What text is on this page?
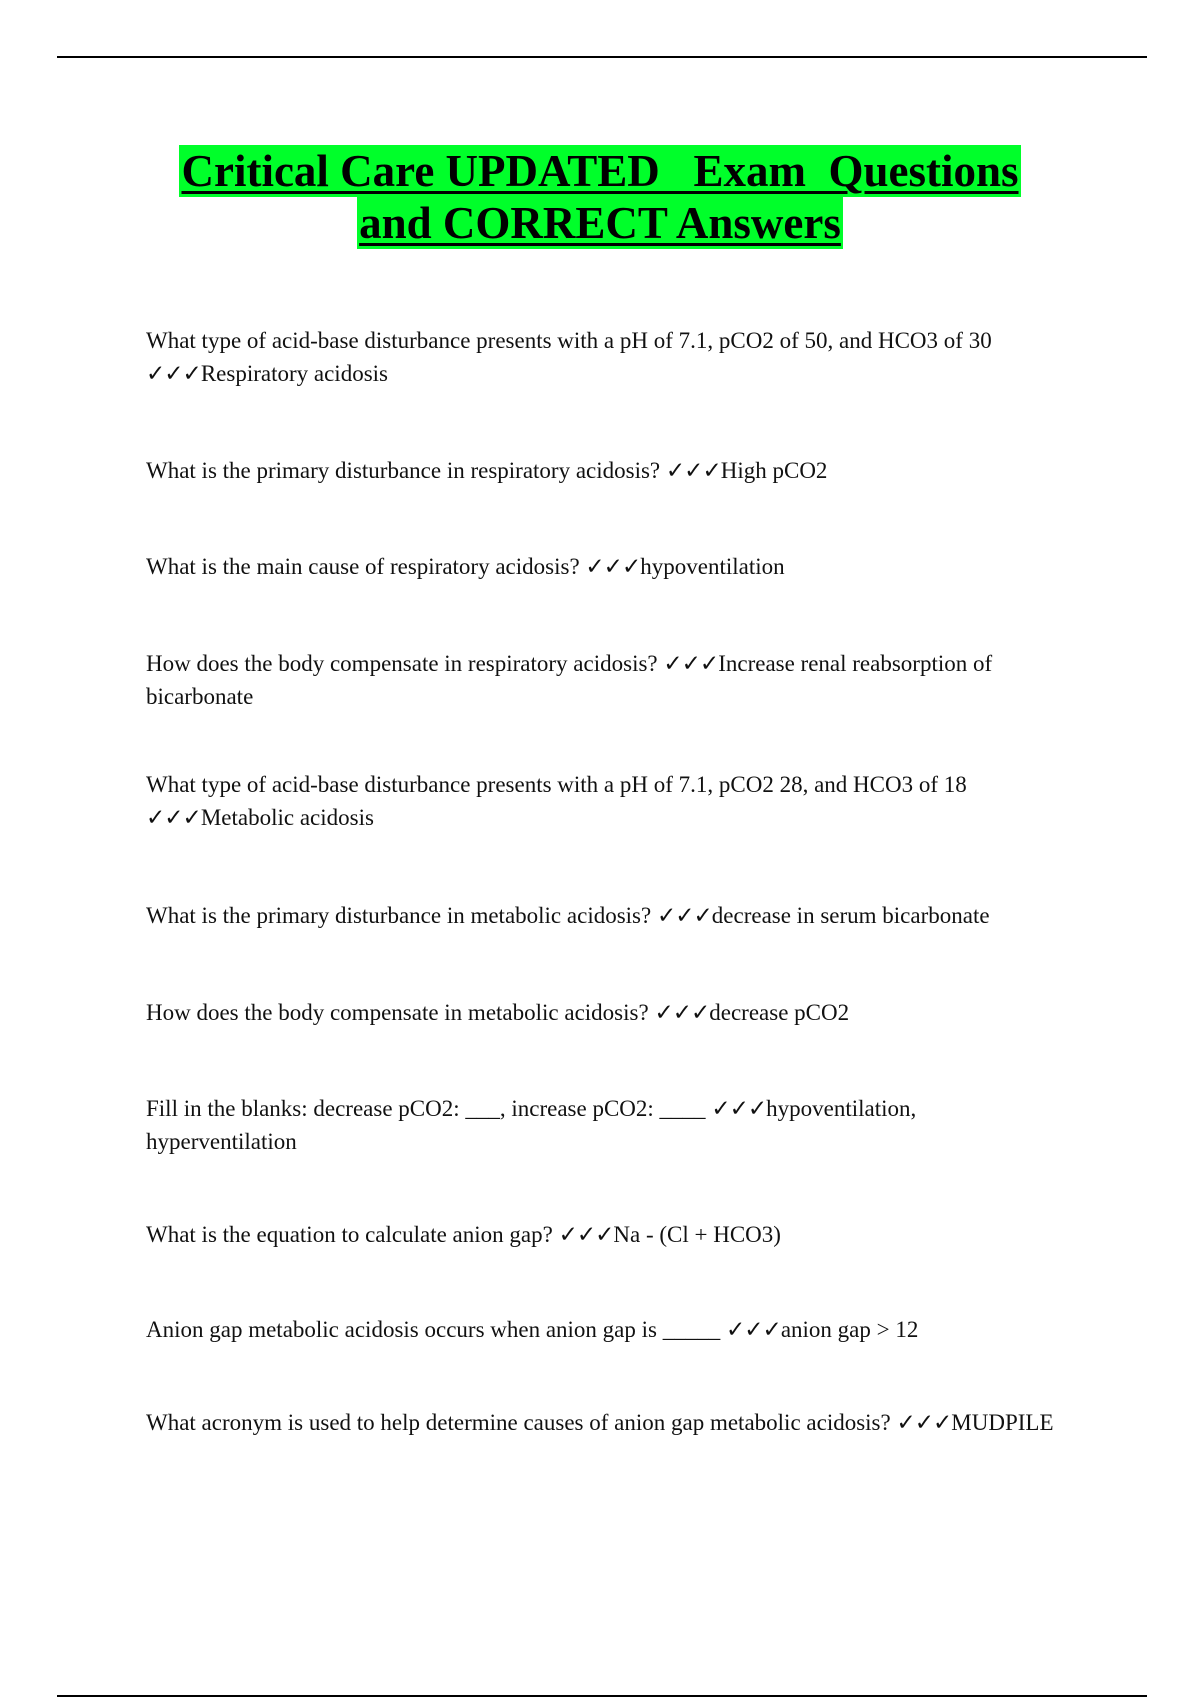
Critical Care UPDATED   Exam  Questions
and CORRECT Answers
What type of acid-base disturbance presents with a pH of 7.1, pCO2 of 50, and HCO3 of 30 ✓✓✓Respiratory acidosis
What is the primary disturbance in respiratory acidosis? ✓✓✓High pCO2
What is the main cause of respiratory acidosis? ✓✓✓hypoventilation
How does the body compensate in respiratory acidosis? ✓✓✓Increase renal reabsorption of bicarbonate
What type of acid-base disturbance presents with a pH of 7.1, pCO2 28, and HCO3 of 18 ✓✓✓Metabolic acidosis
What is the primary disturbance in metabolic acidosis? ✓✓✓decrease in serum bicarbonate
How does the body compensate in metabolic acidosis? ✓✓✓decrease pCO2
Fill in the blanks: decrease pCO2: ___, increase pCO2: ____ ✓✓✓hypoventilation, hyperventilation
What is the equation to calculate anion gap? ✓✓✓Na - (Cl + HCO3)
Anion gap metabolic acidosis occurs when anion gap is _____ ✓✓✓anion gap > 12
What acronym is used to help determine causes of anion gap metabolic acidosis? ✓✓✓MUDPILE
